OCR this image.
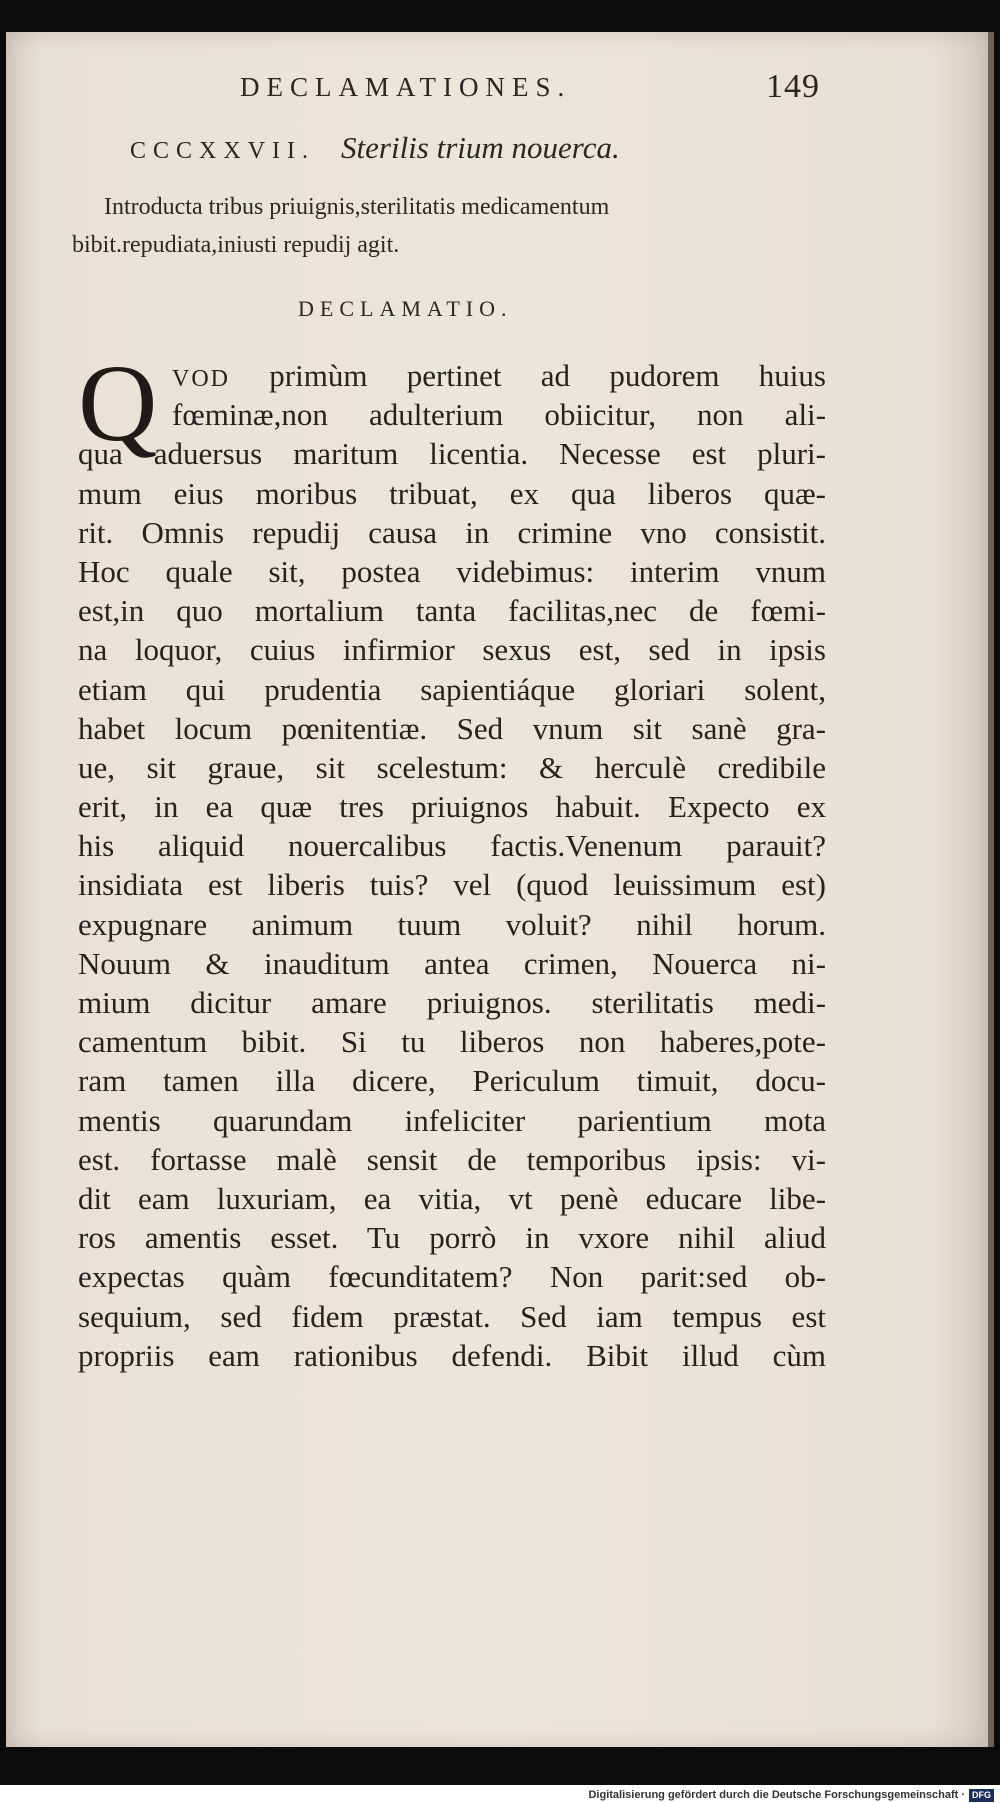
DECLAMATIONES.	149
CCCXXVII. Sterilis trium nouerca.
Introducta tribus priuignis,sterilitatis medicamentum bibit.repudiata,iniusti repudij agit.
DECLAMATIO.
Q VOD primùm pertinet ad pudorem huius
fœminæ,non adulterium obiicitur, non ali-
qua aduersus maritum licentia. Necesse est pluri-
mum eius moribus tribuat, ex qua liberos quæ-
rit. Omnis repudij causa in crimine vno consistit.
Hoc quale sit, postea videbimus: interim vnum
est,in quo mortalium tanta facilitas,nec de fœmi-
na loquor, cuius infirmior sexus est, sed in ipsis
etiam qui prudentia sapientiáque gloriari solent,
habet locum pœnitentiæ. Sed vnum sit sanè gra-
ue, sit graue, sit scelestum: & herculè credibile
erit, in ea quæ tres priuignos habuit. Expecto ex
his aliquid nouercalibus factis.Venenum parauit?
insidiata est liberis tuis? vel (quod leuissimum est)
expugnare animum tuum voluit? nihil horum.
Nouum & inauditum antea crimen, Nouerca ni-
mium dicitur amare priuignos. sterilitatis medi-
camentum bibit. Si tu liberos non haberes,pote-
ram tamen illa dicere, Periculum timuit, docu-
mentis quarundam infeliciter parientium mota
est. fortasse malè sensit de temporibus ipsis: vi-
dit eam luxuriam, ea vitia, vt penè educare libe-
ros amentis esset. Tu porrò in vxore nihil aliud
expectas quàm fœcunditatem? Non parit:sed ob-
sequium, sed fidem præstat. Sed iam tempus est
propriis eam rationibus defendi. Bibit illud cùm
Digitalisierung gefördert durch die Deutsche Forschungsgemeinschaft · DFG
